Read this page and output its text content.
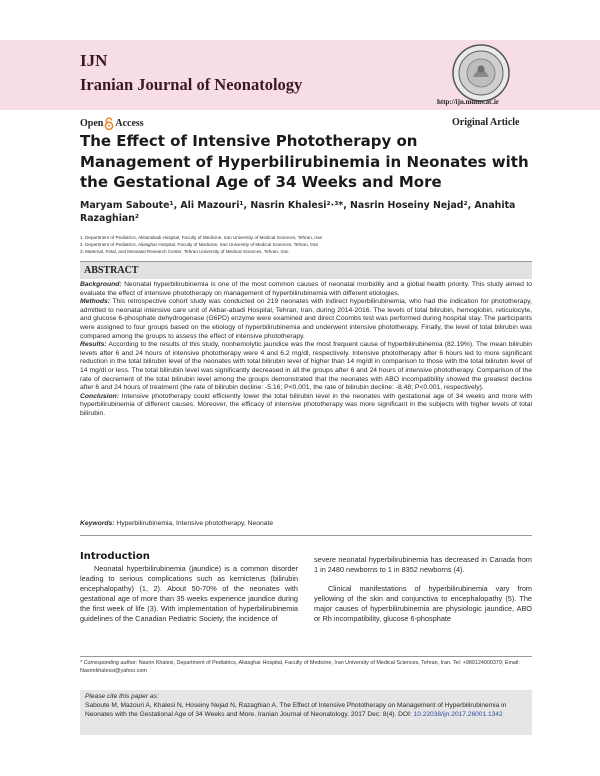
IJN
Iranian Journal of Neonatology
http://ijn.mums.ac.ir
Open Access	Original Article
The Effect of Intensive Phototherapy on Management of Hyperbilirubinemia in Neonates with the Gestational Age of 34 Weeks and More
Maryam Saboute¹, Ali Mazouri¹, Nasrin Khalesi²·³*, Nasrin Hoseiny Nejad², Anahita Razaghian²
1. Department of Pediatrics, Akbarabadi Hospital, Faculty of Medicine, Iran University of Medical Sciences, Tehran, Iran
2. Department of Pediatrics, Aliasghar Hospital, Faculty of Medicine, Iran University of Medical Sciences, Tehran, Iran
3. Maternal, Fetal, and Neonatal Research Center, Tehran University of Medical Sciences, Tehran, Iran
ABSTRACT

Background: Neonatal hyperbilirubinemia is one of the most common causes of neonatal morbidity and a global health priority. This study aimed to evaluate the effect of intensive phototherapy on management of hyperbilirubinemia with different etiologies.

Methods: This retrospective cohort study was conducted on 219 neonates with indirect hyperbilirubinemia, who had the indication for phototherapy, admitted to neonatal intensive care unit of Akbar-abadi Hospital, Tehran, Iran, during 2014-2016. The levels of total bilirubin, hemoglobin, reticulocyte, and glucose 6-phosphate dehydrogenase (G6PD) enzyme were examined and direct Coombs test was performed during hospital stay. The participants were assigned to four groups based on the etiology of hyperbilirubinemia and underwent intensive phototherapy. Finally, the level of total bilirubin was compared among the groups to assess the effect of intensive phototherapy.

Results: According to the results of this study, nonhemolytic jaundice was the most frequent cause of hyperbilirubinemia (82.19%). The mean bilirubin levels after 6 and 24 hours of intensive phototherapy were 4 and 6.2 mg/dl, respectively. Intensive phototherapy after 6 hours led to more significant reduction in the total bilirubin level of the neonates with total bilirubin level of higher than 14 mg/dl in comparison to those with the total bilirubin level of 14 mg/dl or less. The total bilirubin level was significantly decreased in all the groups after 6 and 24 hours of intensive phototherapy. Comparison of the rate of decrement of the total bilirubin level among the groups demonstrated that the neonates with ABO incompatibility showed the greatest decline after 6 and 24 hours of treatment (the rate of bilirubin decline: -5.16; P<0.001, the rate of bilirubin decline: -8.48; P<0.001, respectively).

Conclusion: Intensive phototherapy could efficiently lower the total bilirubin level in the neonates with gestational age of 34 weeks and more with hyperbilirubinemia of different causes. Moreover, the efficacy of intensive phototherapy was more significant in the subjects with higher levels of total bilirubin.

Keywords: Hyperbilirubinemia, Intensive phototherapy, Neonate
Introduction

Neonatal hyperbilirubinemia (jaundice) is a common disorder leading to serious complications such as kernicterus (bilirubin encephalopathy) (1, 2). About 50-70% of the neonates with gestational age of more than 35 weeks experience jaundice during the first week of life (3). With implementation of hyperbilirubinemia guidelines of the Canadian Pediatric Society, the incidence of

severe neonatal hyperbilirubinemia has decreased in Canada from 1 in 2480 newborns to 1 in 8352 newborns (4).

Clinical manifestations of hyperbilirubinemia vary from yellowing of the skin and conjunctiva to encephalopathy (5). The major causes of hyperbilirubinemia are physiologic jaundice, ABO or Rh incompatibility, glucose 6-phosphate

* Corresponding author: Nasrin Khalesi, Department of Pediatrics, Aliasghar Hospital, Faculty of Medicine, Iran University of Medical Sciences, Tehran, Iran. Tel: +989124000379; Email: Nasrinkhalessi@yahoo.com
Please cite this paper as:
Saboute M, Mazouri A, Khalesi N, Hoseiny Nejad N, Razaghian A. The Effect of Intensive Phototherapy on Management of Hyperbilirubinemia in Neonates with the Gestational Age of 34 Weeks and More. Iranian Journal of Neonatology. 2017 Dec: 8(4). DOI: 10.22038/ijn.2017.26001.1342
